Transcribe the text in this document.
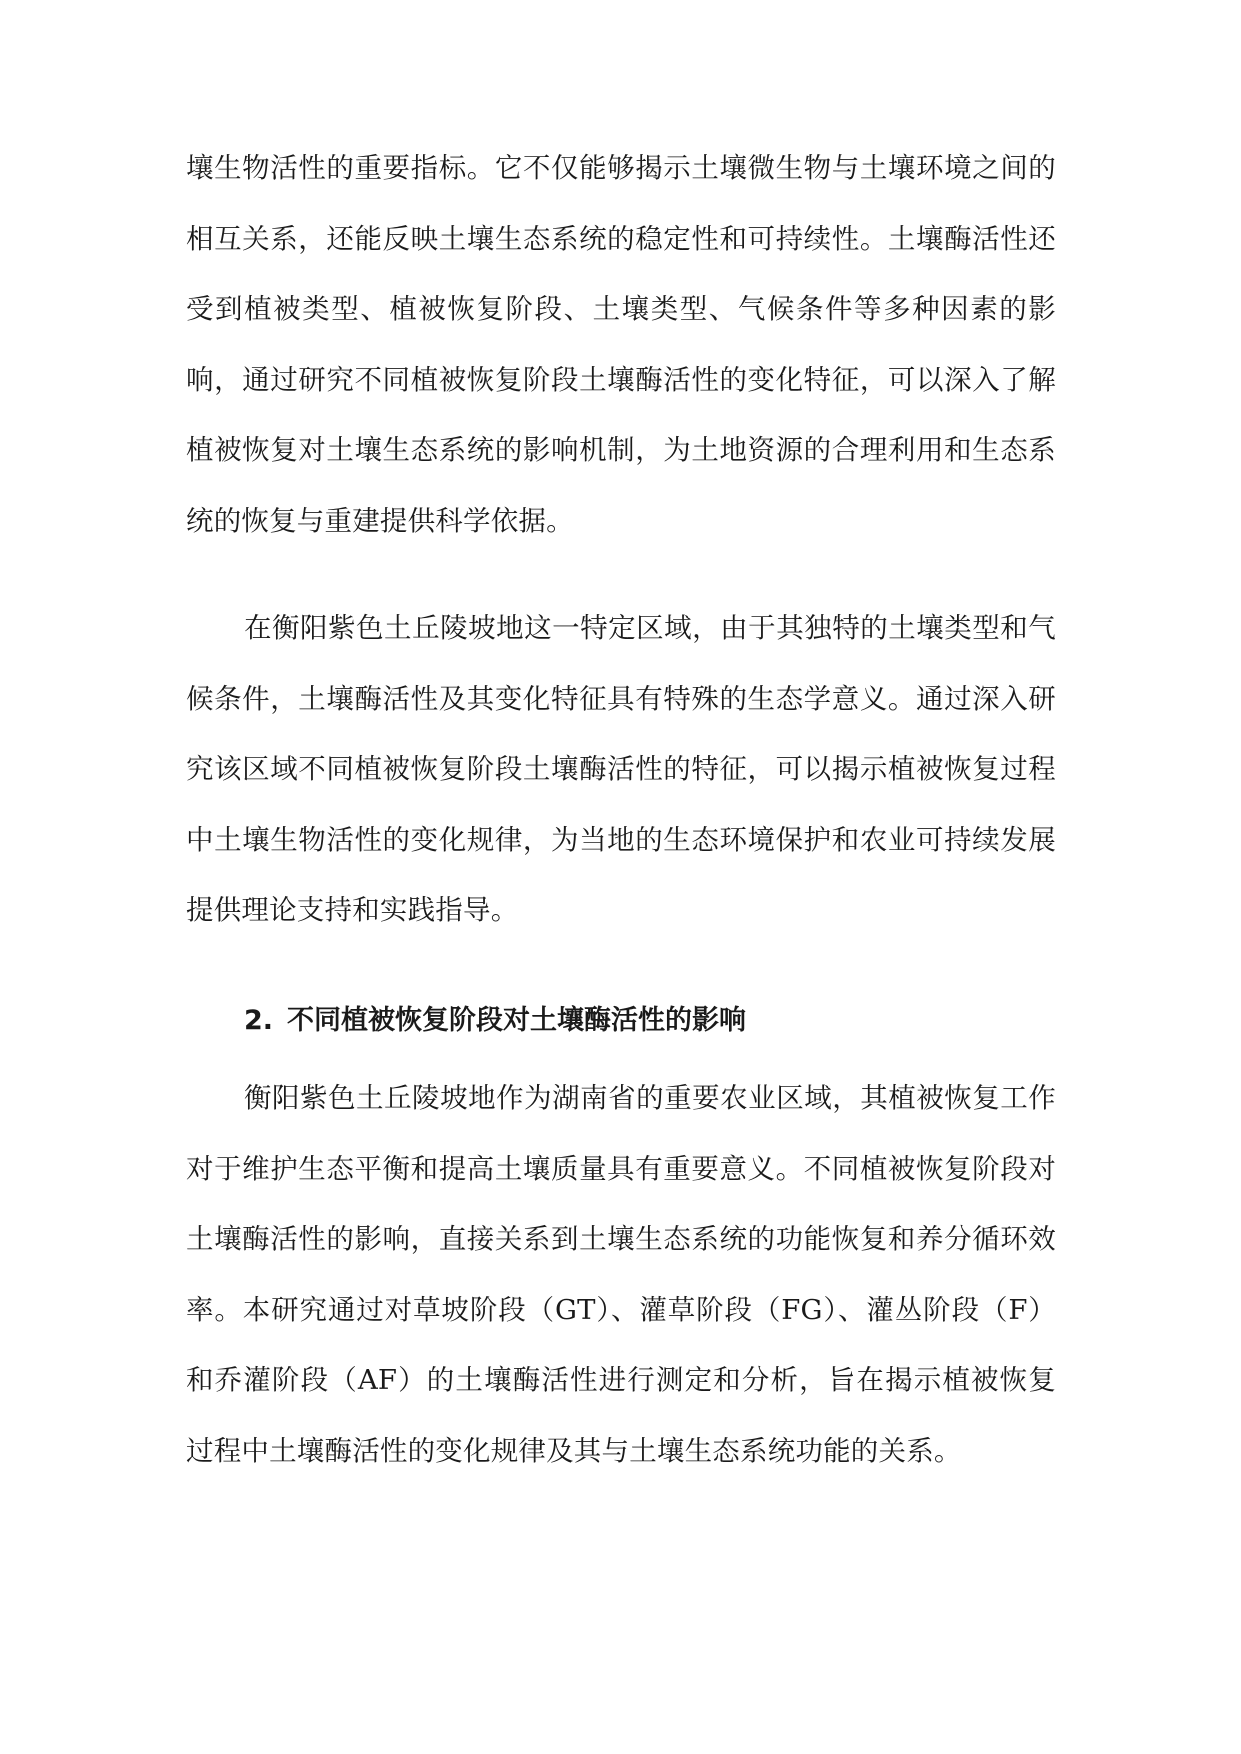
壤生物活性的重要指标。它不仅能够揭示土壤微生物与土壤环境之间的相互关系，还能反映土壤生态系统的稳定性和可持续性。土壤酶活性还受到植被类型、植被恢复阶段、土壤类型、气候条件等多种因素的影响，通过研究不同植被恢复阶段土壤酶活性的变化特征，可以深入了解植被恢复对土壤生态系统的影响机制，为土地资源的合理利用和生态系统的恢复与重建提供科学依据。

在衡阳紫色土丘陵坡地这一特定区域，由于其独特的土壤类型和气候条件，土壤酶活性及其变化特征具有特殊的生态学意义。通过深入研究该区域不同植被恢复阶段土壤酶活性的特征，可以揭示植被恢复过程中土壤生物活性的变化规律，为当地的生态环境保护和农业可持续发展提供理论支持和实践指导。

2. 不同植被恢复阶段对土壤酶活性的影响

衡阳紫色土丘陵坡地作为湖南省的重要农业区域，其植被恢复工作对于维护生态平衡和提高土壤质量具有重要意义。不同植被恢复阶段对土壤酶活性的影响，直接关系到土壤生态系统的功能恢复和养分循环效率。本研究通过对草坡阶段（GT）、灌草阶段（FG）、灌丛阶段（F）和乔灌阶段（AF）的土壤酶活性进行测定和分析，旨在揭示植被恢复过程中土壤酶活性的变化规律及其与土壤生态系统功能的关系。
